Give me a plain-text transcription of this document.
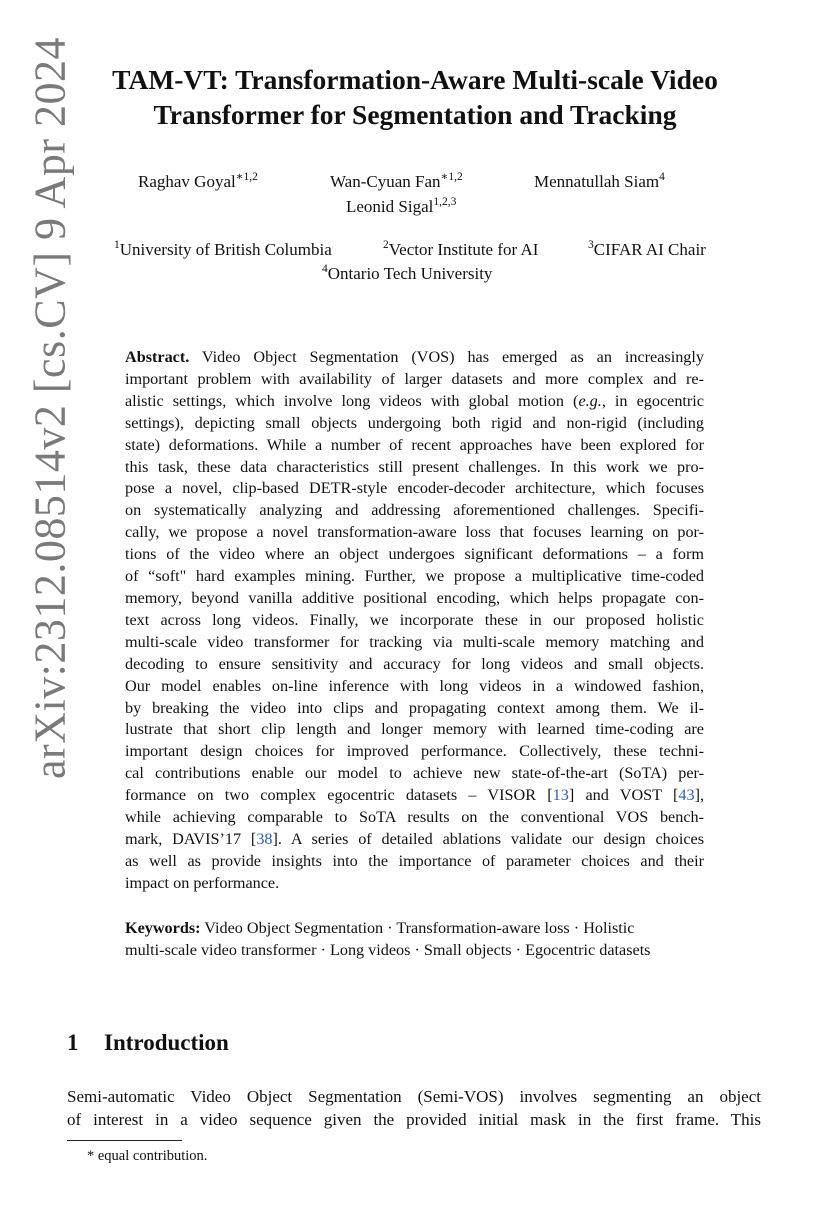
arXiv:2312.08514v2 [cs.CV] 9 Apr 2024	TAM-VT: Transformation-Aware Multi-scale Video
Transformer for Segmentation and Tracking
Raghav Goyal$^{∗1,2}$	Wan-Cyuan Fan$^{∗1,2}$	Mennatullah Siam$^4$
Leonid Sigal$^{1,2,3}$
$^1$University of British Columbia	$^2$Vector Institute for AI	$^3$CIFAR AI Chair
$^4$Ontario Tech University
Abstract. Video Object Segmentation (VOS) has emerged as an increasingly
important problem with availability of larger datasets and more complex and re-
alistic settings, which involve long videos with global motion (e.g., in egocentric
settings), depicting small objects undergoing both rigid and non-rigid (including
state) deformations. While a number of recent approaches have been explored for
this task, these data characteristics still present challenges. In this work we pro-
pose a novel, clip-based DETR-style encoder-decoder architecture, which focuses
on systematically analyzing and addressing aforementioned challenges. Specifi-
cally, we propose a novel transformation-aware loss that focuses learning on por-
tions of the video where an object undergoes significant deformations – a form
of “soft" hard examples mining. Further, we propose a multiplicative time-coded
memory, beyond vanilla additive positional encoding, which helps propagate con-
text across long videos. Finally, we incorporate these in our proposed holistic
multi-scale video transformer for tracking via multi-scale memory matching and
decoding to ensure sensitivity and accuracy for long videos and small objects.
Our model enables on-line inference with long videos in a windowed fashion,
by breaking the video into clips and propagating context among them. We il-
lustrate that short clip length and longer memory with learned time-coding are
important design choices for improved performance. Collectively, these techni-
cal contributions enable our model to achieve new state-of-the-art (SoTA) per-
formance on two complex egocentric datasets – VISOR [13] and VOST [43],
while achieving comparable to SoTA results on the conventional VOS bench-
mark, DAVIS’17 [38]. A series of detailed ablations validate our design choices
as well as provide insights into the importance of parameter choices and their
impact on performance.
Keywords: Video Object Segmentation · Transformation-aware loss · Holistic
multi-scale video transformer · Long videos · Small objects · Egocentric datasets
1 Introduction
Semi-automatic Video Object Segmentation (Semi-VOS) involves segmenting an object
of interest in a video sequence given the provided initial mask in the first frame. This
* equal contribution.
